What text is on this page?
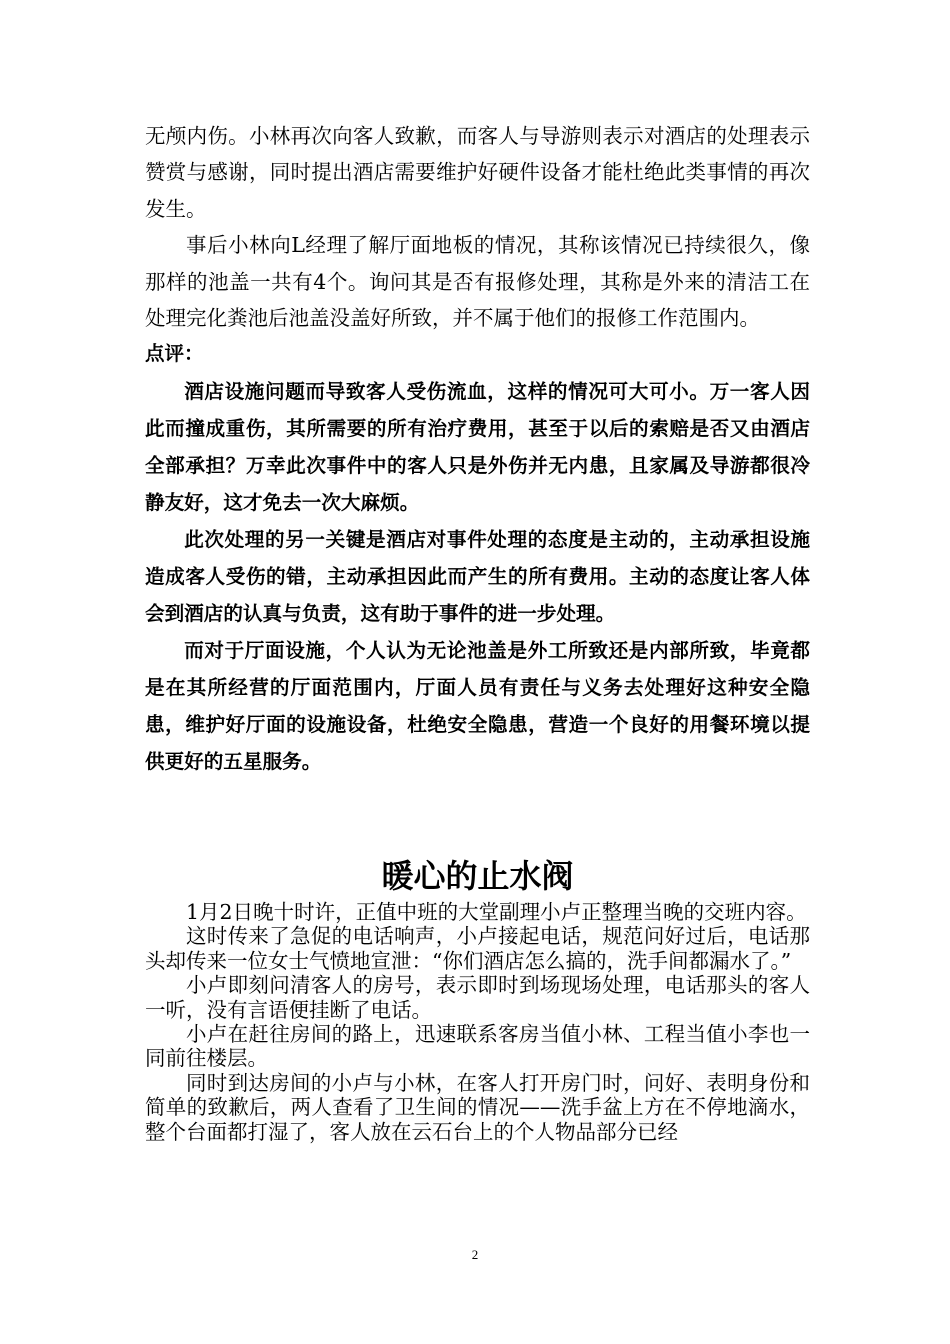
无颅内伤。小林再次向客人致歉，而客人与导游则表示对酒店的处理表示赞赏与感谢，同时提出酒店需要维护好硬件设备才能杜绝此类事情的再次发生。

事后小林向L经理了解厅面地板的情况，其称该情况已持续很久，像那样的池盖一共有4个。询问其是否有报修处理，其称是外来的清洁工在处理完化粪池后池盖没盖好所致，并不属于他们的报修工作范围内。

点评：

酒店设施问题而导致客人受伤流血，这样的情况可大可小。万一客人因此而撞成重伤，其所需要的所有治疗费用，甚至于以后的索赔是否又由酒店全部承担？万幸此次事件中的客人只是外伤并无内患，且家属及导游都很冷静友好，这才免去一次大麻烦。

此次处理的另一关键是酒店对事件处理的态度是主动的，主动承担设施造成客人受伤的错，主动承担因此而产生的所有费用。主动的态度让客人体会到酒店的认真与负责，这有助于事件的进一步处理。

而对于厅面设施，个人认为无论池盖是外工所致还是内部所致，毕竟都是在其所经营的厅面范围内，厅面人员有责任与义务去处理好这种安全隐患，维护好厅面的设施设备，杜绝安全隐患，营造一个良好的用餐环境以提供更好的五星服务。

暖心的止水阀

1月2日晚十时许，正值中班的大堂副理小卢正整理当晚的交班内容。

这时传来了急促的电话响声，小卢接起电话，规范问好过后，电话那头却传来一位女士气愤地宣泄：“你们酒店怎么搞的，洗手间都漏水了。”

小卢即刻问清客人的房号，表示即时到场现场处理，电话那头的客人一听，没有言语便挂断了电话。

小卢在赶往房间的路上，迅速联系客房当值小林、工程当值小李也一同前往楼层。

同时到达房间的小卢与小林，在客人打开房门时，问好、表明身份和简单的致歉后，两人查看了卫生间的情况——洗手盆上方在不停地滴水，整个台面都打湿了，客人放在云石台上的个人物品部分已经

2
